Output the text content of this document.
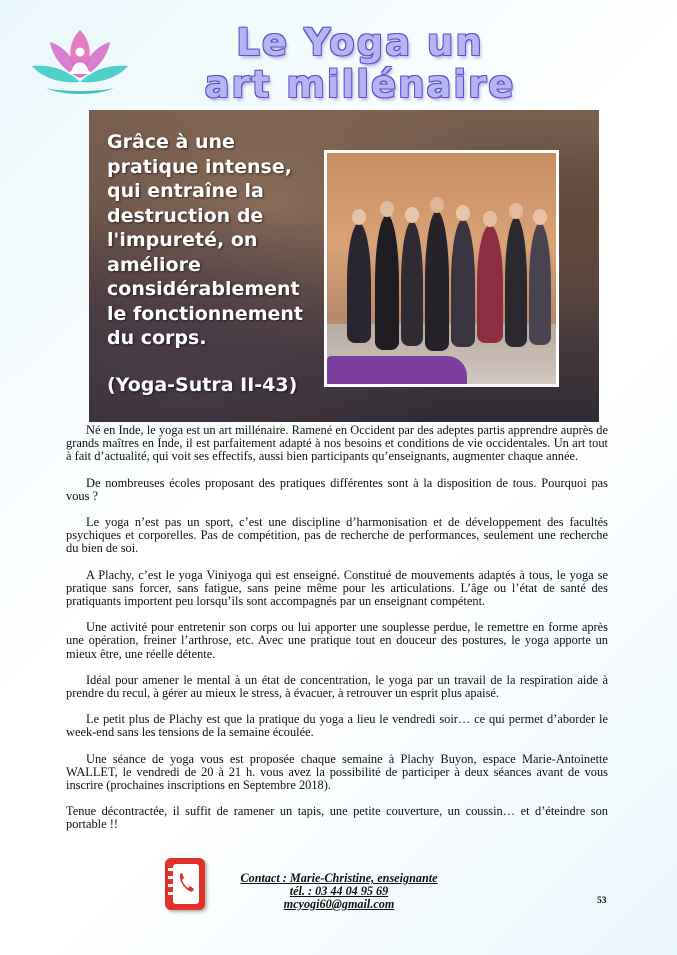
Le Yoga un
art millénaire
Grâce à une pratique intense, qui entraîne la destruction de l'impureté, on améliore considérablement le fonctionnement du corps.
(Yoga-Sutra II-43)

Né en Inde, le yoga est un art millénaire. Ramené en Occident par des adeptes partis apprendre auprès de grands maîtres en Inde, il est parfaitement adapté à nos besoins et conditions de vie occidentales. Un art tout à fait d’actualité, qui voit ses effectifs, aussi bien participants qu’enseignants, augmenter chaque année.

De nombreuses écoles proposant des pratiques différentes sont à la disposition de tous. Pourquoi pas vous ?

Le yoga n’est pas un sport, c’est une discipline d’harmonisation et de développement des facultés psychiques et corporelles. Pas de compétition, pas de recherche de performances, seulement une recherche du bien de soi.

A Plachy, c’est le yoga Viniyoga qui est enseigné. Constitué de mouvements adaptés à tous, le yoga se pratique sans forcer, sans fatigue, sans peine même pour les articulations. L’âge ou l’état de santé des pratiquants importent peu lorsqu’ils sont accompagnés par un enseignant compétent.

Une activité pour entretenir son corps ou lui apporter une souplesse perdue, le remettre en forme après une opération, freiner l’arthrose, etc. Avec une pratique tout en douceur des postures, le yoga apporte un mieux être, une réelle détente.

Idéal pour amener le mental à un état de concentration, le yoga par un travail de la respiration aide à prendre du recul, à gérer au mieux le stress, à évacuer, à retrouver un esprit plus apaisé.

Le petit plus de Plachy est que la pratique du yoga a lieu le vendredi soir… ce qui permet d’aborder le week-end sans les tensions de la semaine écoulée.

Une séance de yoga vous est proposée chaque semaine à Plachy Buyon, espace Marie-Antoinette WALLET, le vendredi de 20 à 21 h. vous avez la possibilité de participer à deux séances avant de vous inscrire (prochaines inscriptions en Septembre 2018).

Tenue décontractée, il suffit de ramener un tapis, une petite couverture, un coussin… et d’éteindre son portable !!

Contact : Marie-Christine, enseignante
tél. : 03 44 04 95 69
mcyogi60@gmail.com	53
